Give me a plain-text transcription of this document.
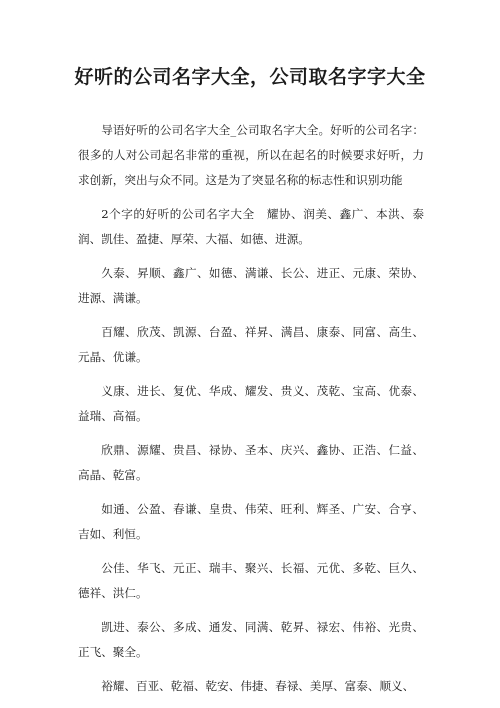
好听的公司名字大全，公司取名字字大全

导语好听的公司名字大全_公司取名字大全。好听的公司名字：很多的人对公司起名非常的重视，所以在起名的时候要求好听，力求创新，突出与众不同。这是为了突显名称的标志性和识别功能

2个字的好听的公司名字大全　耀协、润美、鑫广、本洪、泰润、凯佳、盈捷、厚荣、大福、如德、进源。

久泰、昇顺、鑫广、如德、满谦、长公、进正、元康、荣协、进源、满谦。

百耀、欣茂、凯源、台盈、祥昇、满昌、康泰、同富、高生、元晶、优谦。

义康、进长、复优、华成、耀发、贵义、茂乾、宝高、优泰、益瑞、高福。

欣鼎、源耀、贵昌、禄协、圣本、庆兴、鑫协、正浩、仁益、高晶、乾富。

如通、公盈、春谦、皇贵、伟荣、旺利、辉圣、广安、合亨、吉如、利恒。

公佳、华飞、元正、瑞丰、聚兴、长福、元优、多乾、巨久、德祥、洪仁。

凯进、泰公、多成、通发、同满、乾昇、禄宏、伟裕、光贵、正飞、聚全。

裕耀、百亚、乾福、乾安、伟捷、春禄、美厚、富泰、顺义、
